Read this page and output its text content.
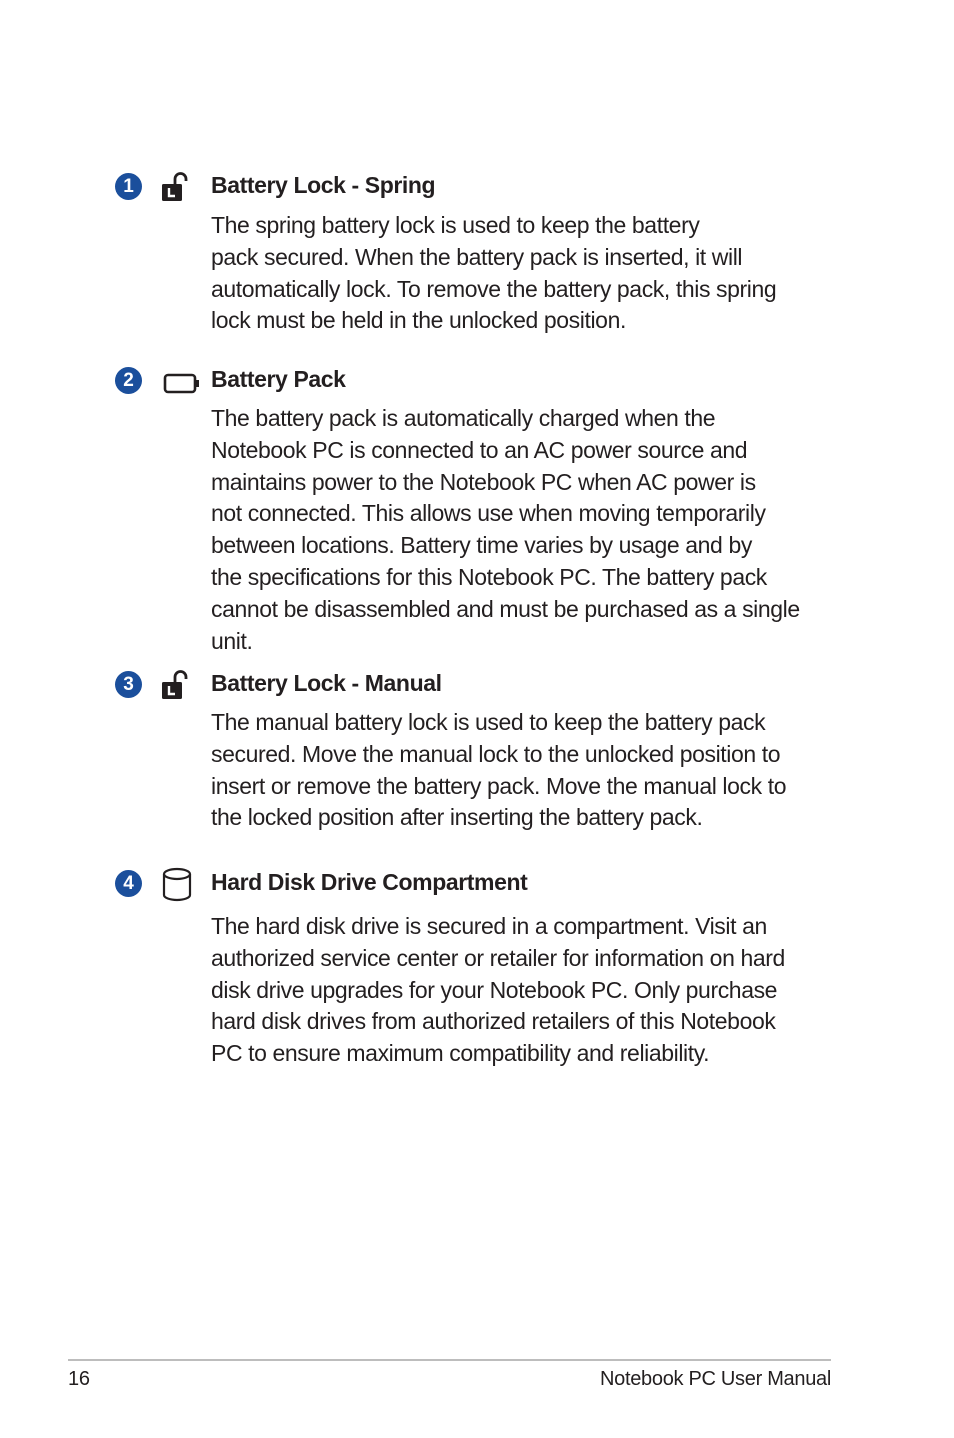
1	Battery Lock - Spring
The spring battery lock is used to keep the battery
pack secured. When the battery pack is inserted, it will
automatically lock. To remove the battery pack, this spring
lock must be held in the unlocked position.
2	Battery Pack
The battery pack is automatically charged when the
Notebook PC is connected to an AC power source and
maintains power to the Notebook PC when AC power is
not connected. This allows use when moving temporarily
between locations. Battery time varies by usage and by
the specifications for this Notebook PC. The battery pack
cannot be disassembled and must be purchased as a single
unit.
3	Battery Lock - Manual
The manual battery lock is used to keep the battery pack
secured. Move the manual lock to the unlocked position to
insert or remove the battery pack. Move the manual lock to
the locked position after inserting the battery pack.
4	Hard Disk Drive Compartment
The hard disk drive is secured in a compartment. Visit an
authorized service center or retailer for information on hard
disk drive upgrades for your Notebook PC. Only purchase
hard disk drives from authorized retailers of this Notebook
PC to ensure maximum compatibility and reliability.
16	Notebook PC User Manual
